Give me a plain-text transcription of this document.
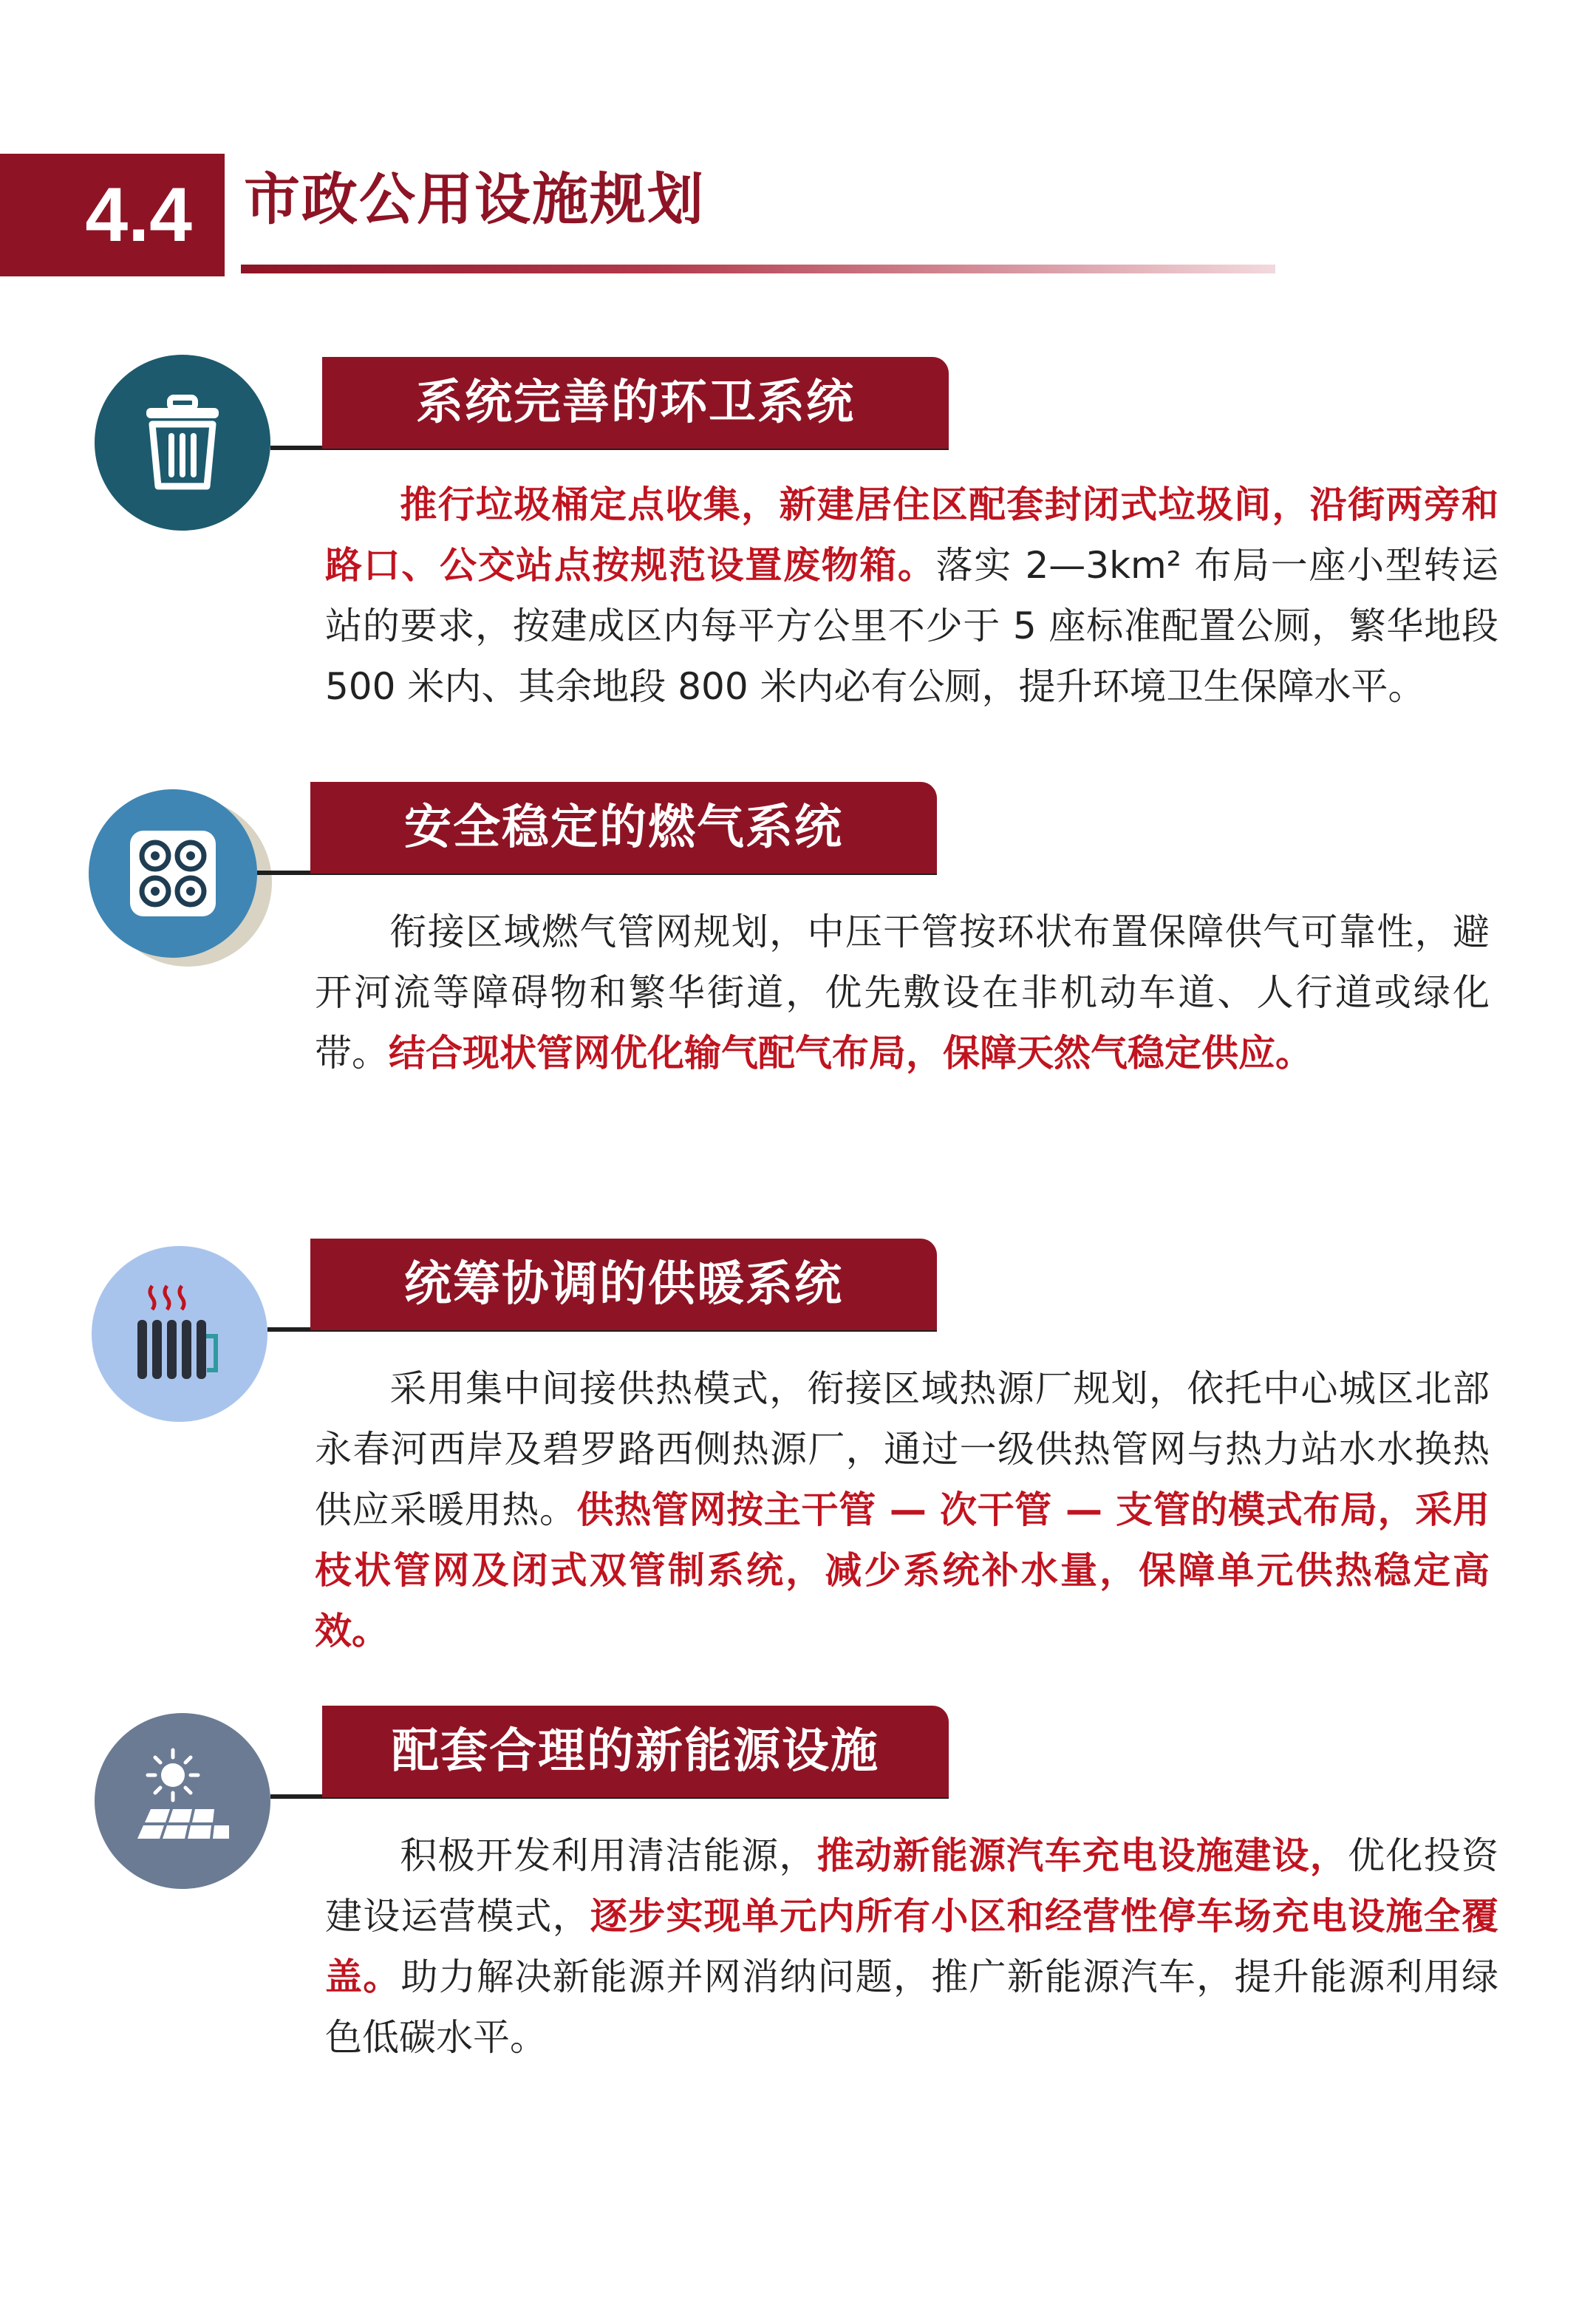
4.4 市政公用设施规划
系统完善的环卫系统
推行垃圾桶定点收集，新建居住区配套封闭式垃圾间，沿街两旁和路口、公交站点按规范设置废物箱。落实 2—3km² 布局一座小型转运站的要求，按建成区内每平方公里不少于 5 座标准配置公厕，繁华地段 500 米内、其余地段 800 米内必有公厕，提升环境卫生保障水平。
安全稳定的燃气系统
衔接区域燃气管网规划，中压干管按环状布置保障供气可靠性，避开河流等障碍物和繁华街道，优先敷设在非机动车道、人行道或绿化带。结合现状管网优化输气配气布局，保障天然气稳定供应。
统筹协调的供暖系统
采用集中间接供热模式，衔接区域热源厂规划，依托中心城区北部永春河西岸及碧罗路西侧热源厂，通过一级供热管网与热力站水水换热供应采暖用热。供热管网按主干管 — 次干管 — 支管的模式布局，采用枝状管网及闭式双管制系统，减少系统补水量，保障单元供热稳定高效。
配套合理的新能源设施
积极开发利用清洁能源，推动新能源汽车充电设施建设，优化投资建设运营模式，逐步实现单元内所有小区和经营性停车场充电设施全覆盖。助力解决新能源并网消纳问题，推广新能源汽车，提升能源利用绿色低碳水平。
